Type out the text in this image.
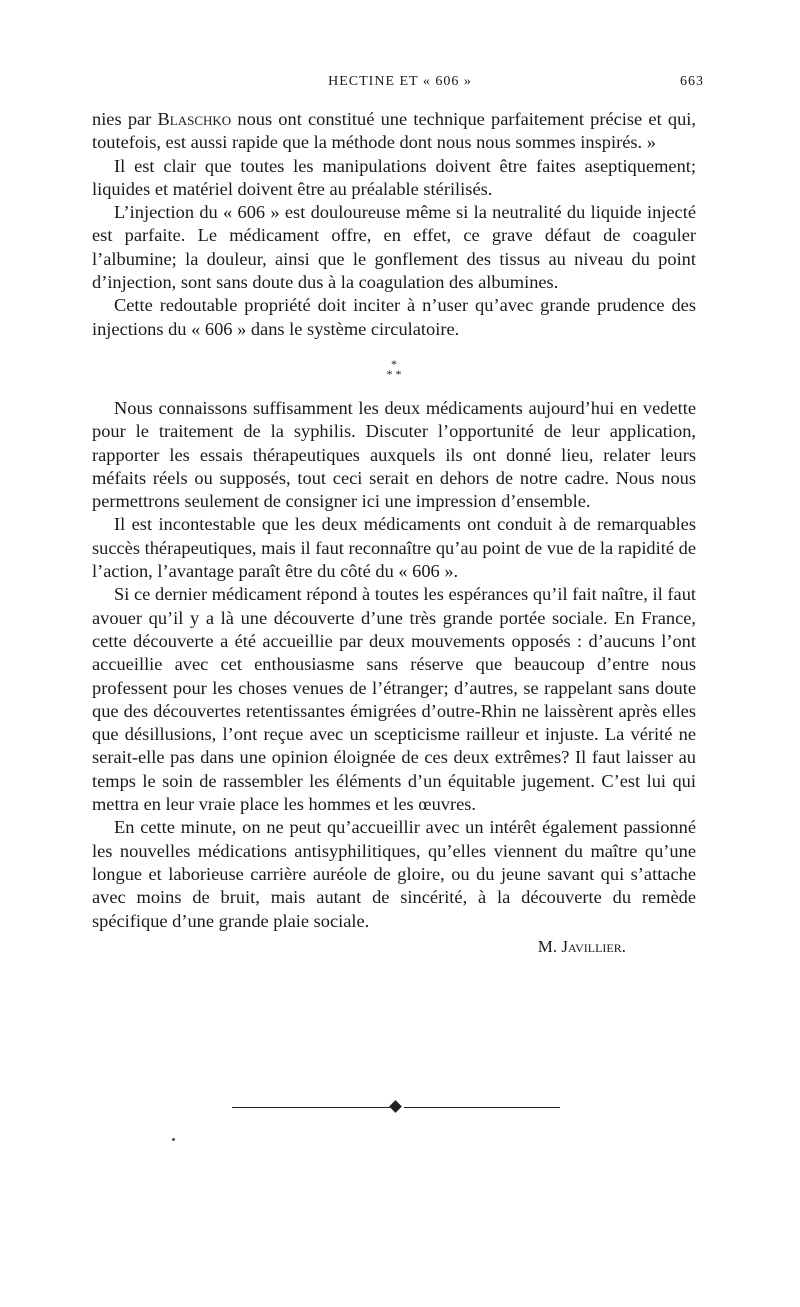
HECTINE ET « 606 »	663

nies par Blaschko nous ont constitué une technique parfaitement précise et qui, toutefois, est aussi rapide que la méthode dont nous nous sommes inspirés. »

Il est clair que toutes les manipulations doivent être faites aseptiquement; liquides et matériel doivent être au préalable stérilisés.

L’injection du « 606 » est douloureuse même si la neutralité du liquide injecté est parfaite. Le médicament offre, en effet, ce grave défaut de coaguler l’albumine; la douleur, ainsi que le gonflement des tissus au niveau du point d’injection, sont sans doute dus à la coagulation des albumines.

Cette redoutable propriété doit inciter à n’user qu’avec grande prudence des injections du « 606 » dans le système circulatoire.

*
* *

Nous connaissons suffisamment les deux médicaments aujourd’hui en vedette pour le traitement de la syphilis. Discuter l’opportunité de leur application, rapporter les essais thérapeutiques auxquels ils ont donné lieu, relater leurs méfaits réels ou supposés, tout ceci serait en dehors de notre cadre. Nous nous permettrons seulement de consigner ici une impression d’ensemble.

Il est incontestable que les deux médicaments ont conduit à de remarquables succès thérapeutiques, mais il faut reconnaître qu’au point de vue de la rapidité de l’action, l’avantage paraît être du côté du « 606 ».

Si ce dernier médicament répond à toutes les espérances qu’il fait naître, il faut avouer qu’il y a là une découverte d’une très grande portée sociale. En France, cette découverte a été accueillie par deux mouvements opposés : d’aucuns l’ont accueillie avec cet enthousiasme sans réserve que beaucoup d’entre nous professent pour les choses venues de l’étranger; d’autres, se rappelant sans doute que des découvertes retentissantes émigrées d’outre-Rhin ne laissèrent après elles que désillusions, l’ont reçue avec un scepticisme railleur et injuste. La vérité ne serait-elle pas dans une opinion éloignée de ces deux extrêmes? Il faut laisser au temps le soin de rassembler les éléments d’un équitable jugement. C’est lui qui mettra en leur vraie place les hommes et les œuvres.

En cette minute, on ne peut qu’accueillir avec un intérêt également passionné les nouvelles médications antisyphilitiques, qu’elles viennent du maître qu’une longue et laborieuse carrière auréole de gloire, ou du jeune savant qui s’attache avec moins de bruit, mais autant de sincérité, à la découverte du remède spécifique d’une grande plaie sociale.

M. Javillier.
